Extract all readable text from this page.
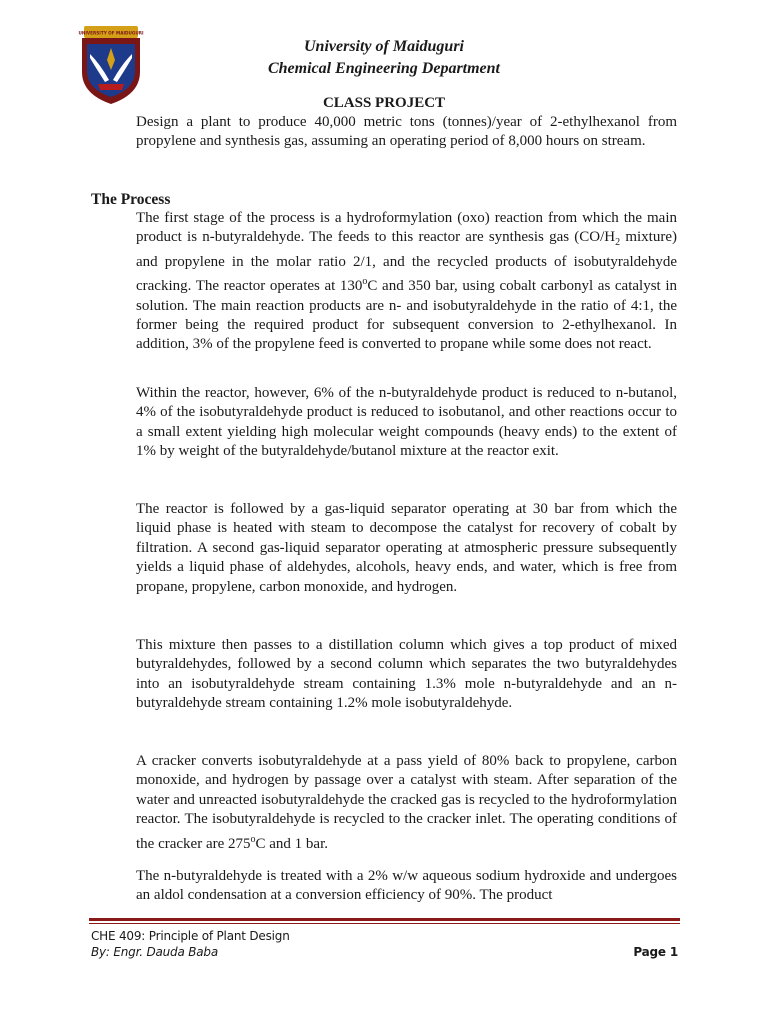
UNIVERSITY OF MAIDUGURI
University of Maiduguri
Chemical Engineering Department
CLASS PROJECT
Design a plant to produce 40,000 metric tons (tonnes)/year of 2-ethylhexanol from propylene and synthesis gas, assuming an operating period of 8,000 hours on stream.
The Process
The first stage of the process is a hydroformylation (oxo) reaction from which the main product is n-butyraldehyde. The feeds to this reactor are synthesis gas ($CO/H_2$ mixture) and propylene in the molar ratio 2/1, and the recycled products of isobutyraldehyde cracking. The reactor operates at 130$^o$C and 350 bar, using cobalt carbonyl as catalyst in solution. The main reaction products are n- and isobutyraldehyde in the ratio of 4:1, the former being the required product for subsequent conversion to 2-ethylhexanol. In addition, 3% of the propylene feed is converted to propane while some does not react.
Within the reactor, however, 6% of the n-butyraldehyde product is reduced to n-butanol, 4% of the isobutyraldehyde product is reduced to isobutanol, and other reactions occur to a small extent yielding high molecular weight compounds (heavy ends) to the extent of 1% by weight of the butyraldehyde/butanol mixture at the reactor exit.
The reactor is followed by a gas-liquid separator operating at 30 bar from which the liquid phase is heated with steam to decompose the catalyst for recovery of cobalt by filtration. A second gas-liquid separator operating at atmospheric pressure subsequently yields a liquid phase of aldehydes, alcohols, heavy ends, and water, which is free from propane, propylene, carbon monoxide, and hydrogen.
This mixture then passes to a distillation column which gives a top product of mixed butyraldehydes, followed by a second column which separates the two butyraldehydes into an isobutyraldehyde stream containing 1.3% mole n-butyraldehyde and an n-butyraldehyde stream containing 1.2% mole isobutyraldehyde.
A cracker converts isobutyraldehyde at a pass yield of 80% back to propylene, carbon monoxide, and hydrogen by passage over a catalyst with steam. After separation of the water and unreacted isobutyraldehyde the cracked gas is recycled to the hydroformylation reactor. The isobutyraldehyde is recycled to the cracker inlet. The operating conditions of the cracker are 275$^o$C and 1 bar.
The n-butyraldehyde is treated with a 2% w/w aqueous sodium hydroxide and undergoes an aldol condensation at a conversion efficiency of 90%. The product
CHE 409: Principle of Plant Design
By: Engr. Dauda Baba	Page 1
